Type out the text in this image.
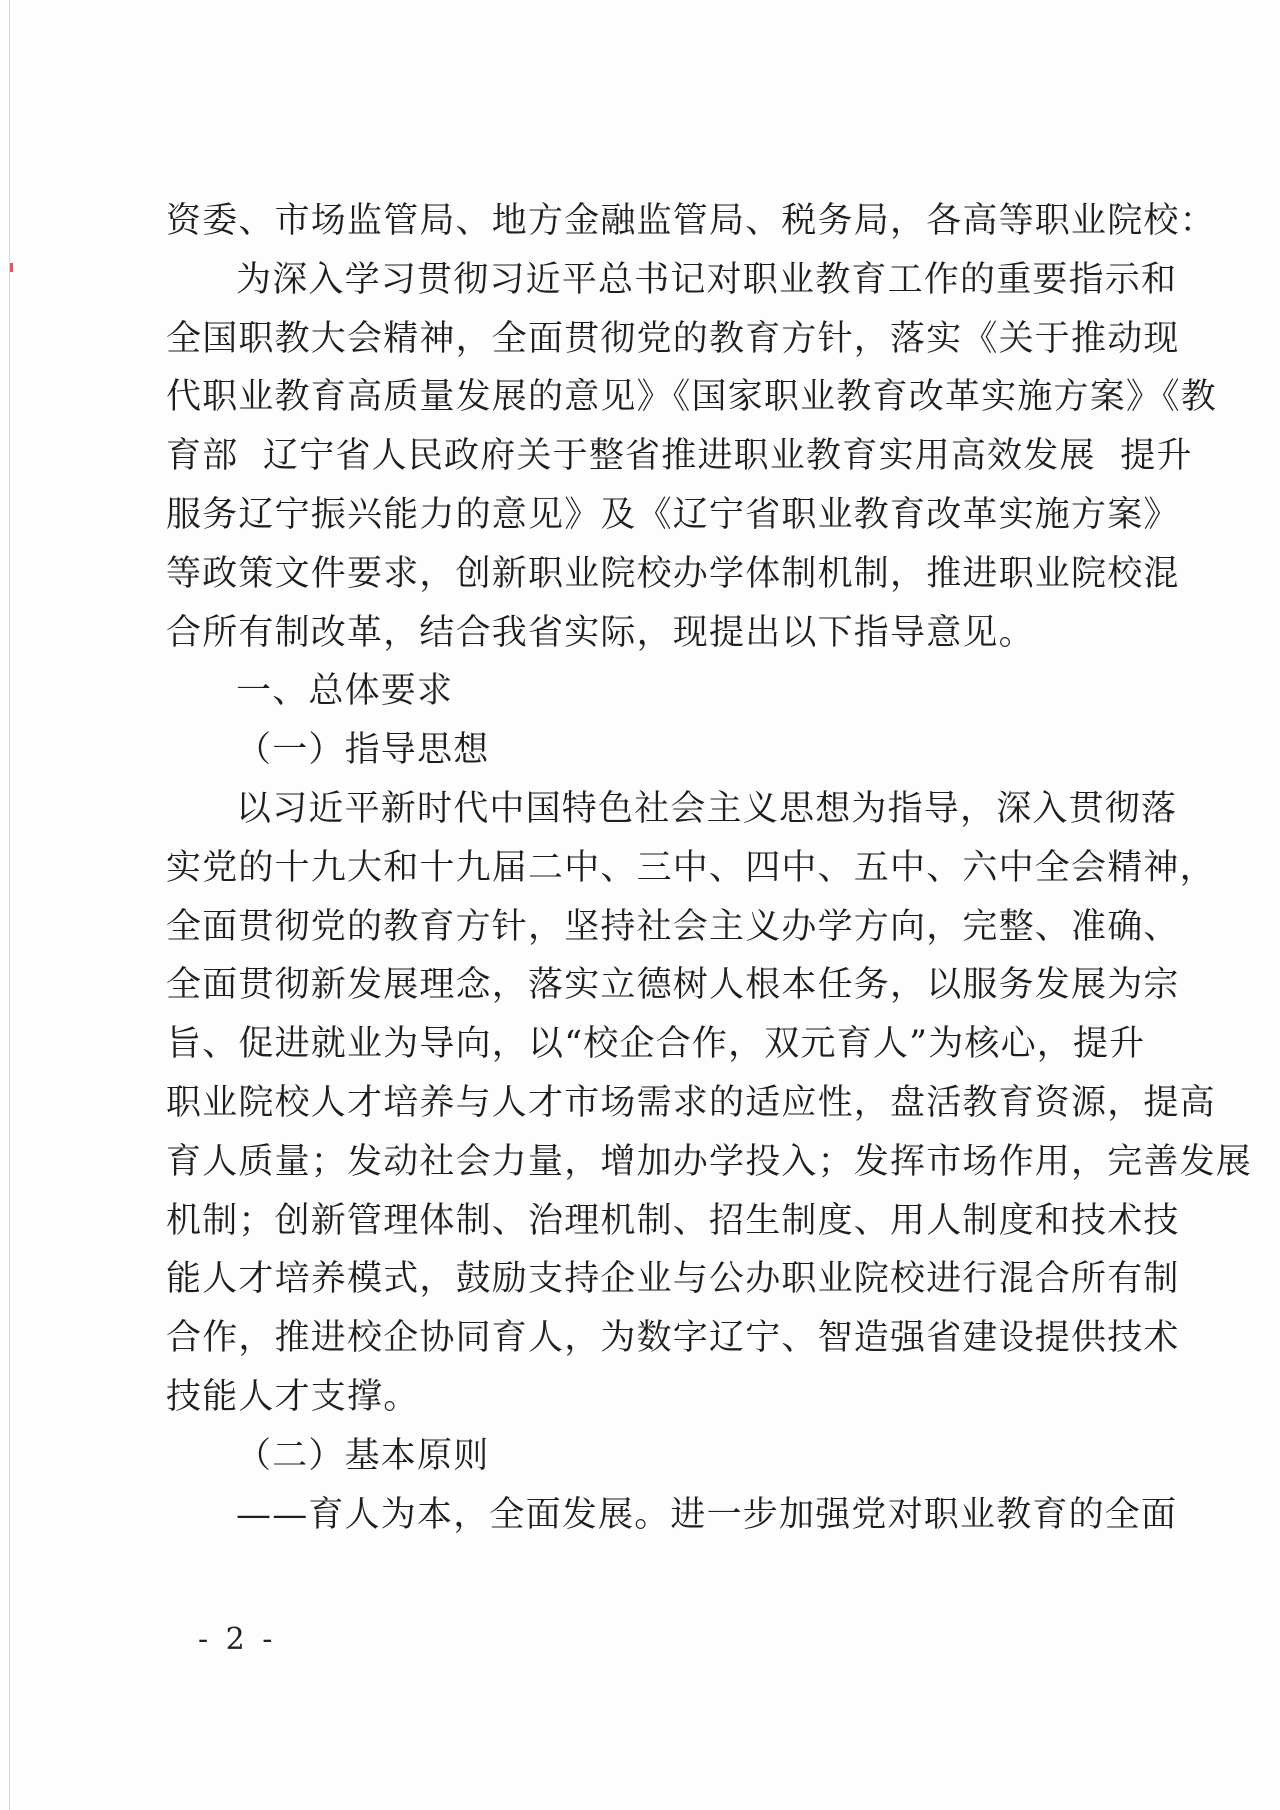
资委、市场监管局、地方金融监管局、税务局，各高等职业院校：
为深入学习贯彻习近平总书记对职业教育工作的重要指示和
全国职教大会精神，全面贯彻党的教育方针，落实《关于推动现
代职业教育高质量发展的意见》《国家职业教育改革实施方案》《教
育部  辽宁省人民政府关于整省推进职业教育实用高效发展  提升
服务辽宁振兴能力的意见》及《辽宁省职业教育改革实施方案》
等政策文件要求，创新职业院校办学体制机制，推进职业院校混
合所有制改革，结合我省实际，现提出以下指导意见。
一、总体要求
（一）指导思想
以习近平新时代中国特色社会主义思想为指导，深入贯彻落
实党的十九大和十九届二中、三中、四中、五中、六中全会精神，
全面贯彻党的教育方针，坚持社会主义办学方向，完整、准确、
全面贯彻新发展理念，落实立德树人根本任务，以服务发展为宗
旨、促进就业为导向，以“校企合作，双元育人”为核心，提升
职业院校人才培养与人才市场需求的适应性，盘活教育资源，提高
育人质量；发动社会力量，增加办学投入；发挥市场作用，完善发展
机制；创新管理体制、治理机制、招生制度、用人制度和技术技
能人才培养模式，鼓励支持企业与公办职业院校进行混合所有制
合作，推进校企协同育人，为数字辽宁、智造强省建设提供技术
技能人才支撑。
（二）基本原则
——育人为本，全面发展。进一步加强党对职业教育的全面
- 2 -
